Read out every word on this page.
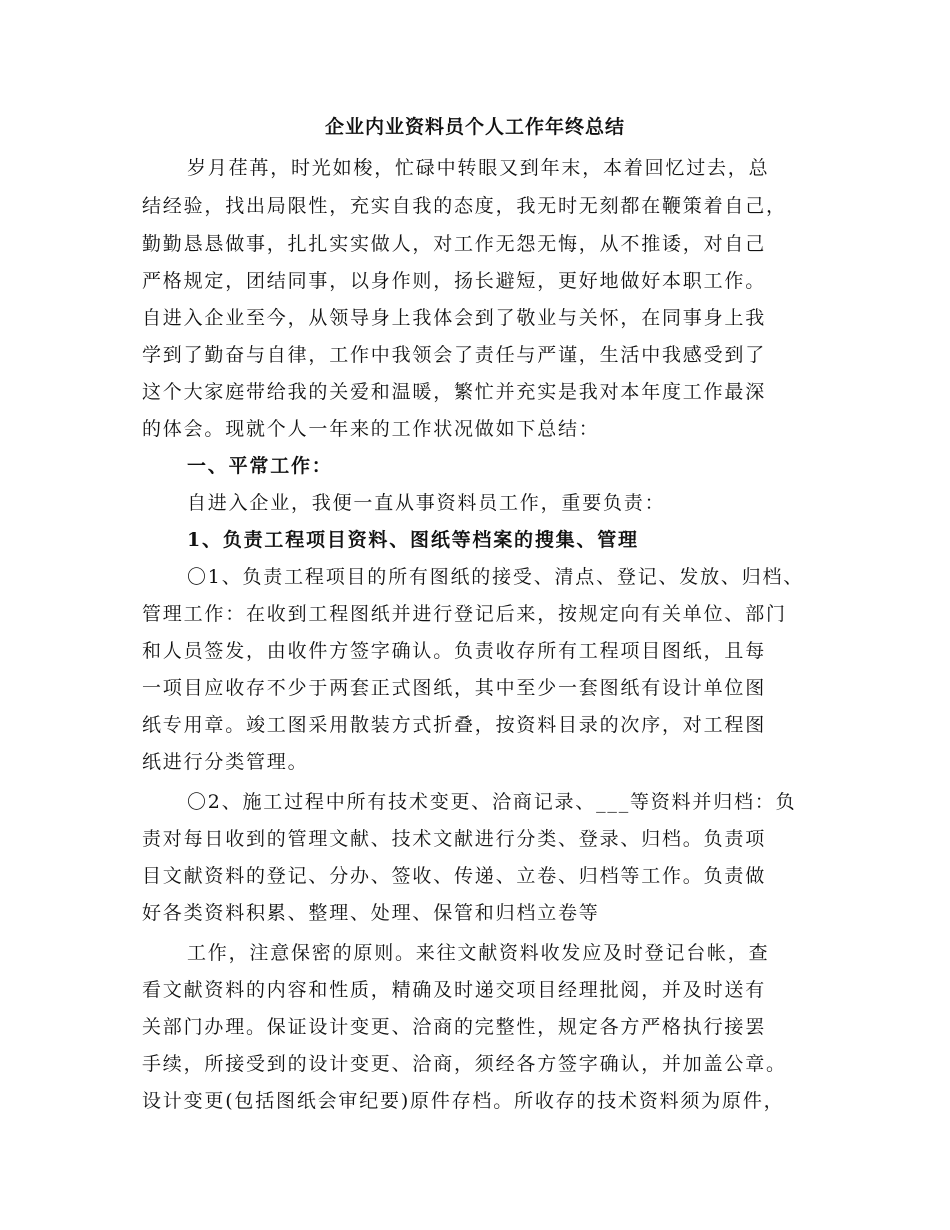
企业内业资料员个人工作年终总结
岁月荏苒，时光如梭，忙碌中转眼又到年末，本着回忆过去，总
结经验，找出局限性，充实自我的态度，我无时无刻都在鞭策着自己，
勤勤恳恳做事，扎扎实实做人，对工作无怨无悔，从不推诿，对自己
严格规定，团结同事，以身作则，扬长避短，更好地做好本职工作。
自进入企业至今，从领导身上我体会到了敬业与关怀，在同事身上我
学到了勤奋与自律，工作中我领会了责任与严谨，生活中我感受到了
这个大家庭带给我的关爱和温暖，繁忙并充实是我对本年度工作最深
的体会。现就个人一年来的工作状况做如下总结：
一、平常工作：
自进入企业，我便一直从事资料员工作，重要负责：
1、负责工程项目资料、图纸等档案的搜集、管理
〇1、负责工程项目的所有图纸的接受、清点、登记、发放、归档、
管理工作：在收到工程图纸并进行登记后来，按规定向有关单位、部门
和人员签发，由收件方签字确认。负责收存所有工程项目图纸，且每
一项目应收存不少于两套正式图纸，其中至少一套图纸有设计单位图
纸专用章。竣工图采用散装方式折叠，按资料目录的次序，对工程图
纸进行分类管理。
〇2、施工过程中所有技术变更、洽商记录、___等资料并归档：负
责对每日收到的管理文献、技术文献进行分类、登录、归档。负责项
目文献资料的登记、分办、签收、传递、立卷、归档等工作。负责做
好各类资料积累、整理、处理、保管和归档立卷等
工作，注意保密的原则。来往文献资料收发应及时登记台帐，查
看文献资料的内容和性质，精确及时递交项目经理批阅，并及时送有
关部门办理。保证设计变更、洽商的完整性，规定各方严格执行接罢
手续，所接受到的设计变更、洽商，须经各方签字确认，并加盖公章。
设计变更(包括图纸会审纪要)原件存档。所收存的技术资料须为原件，
